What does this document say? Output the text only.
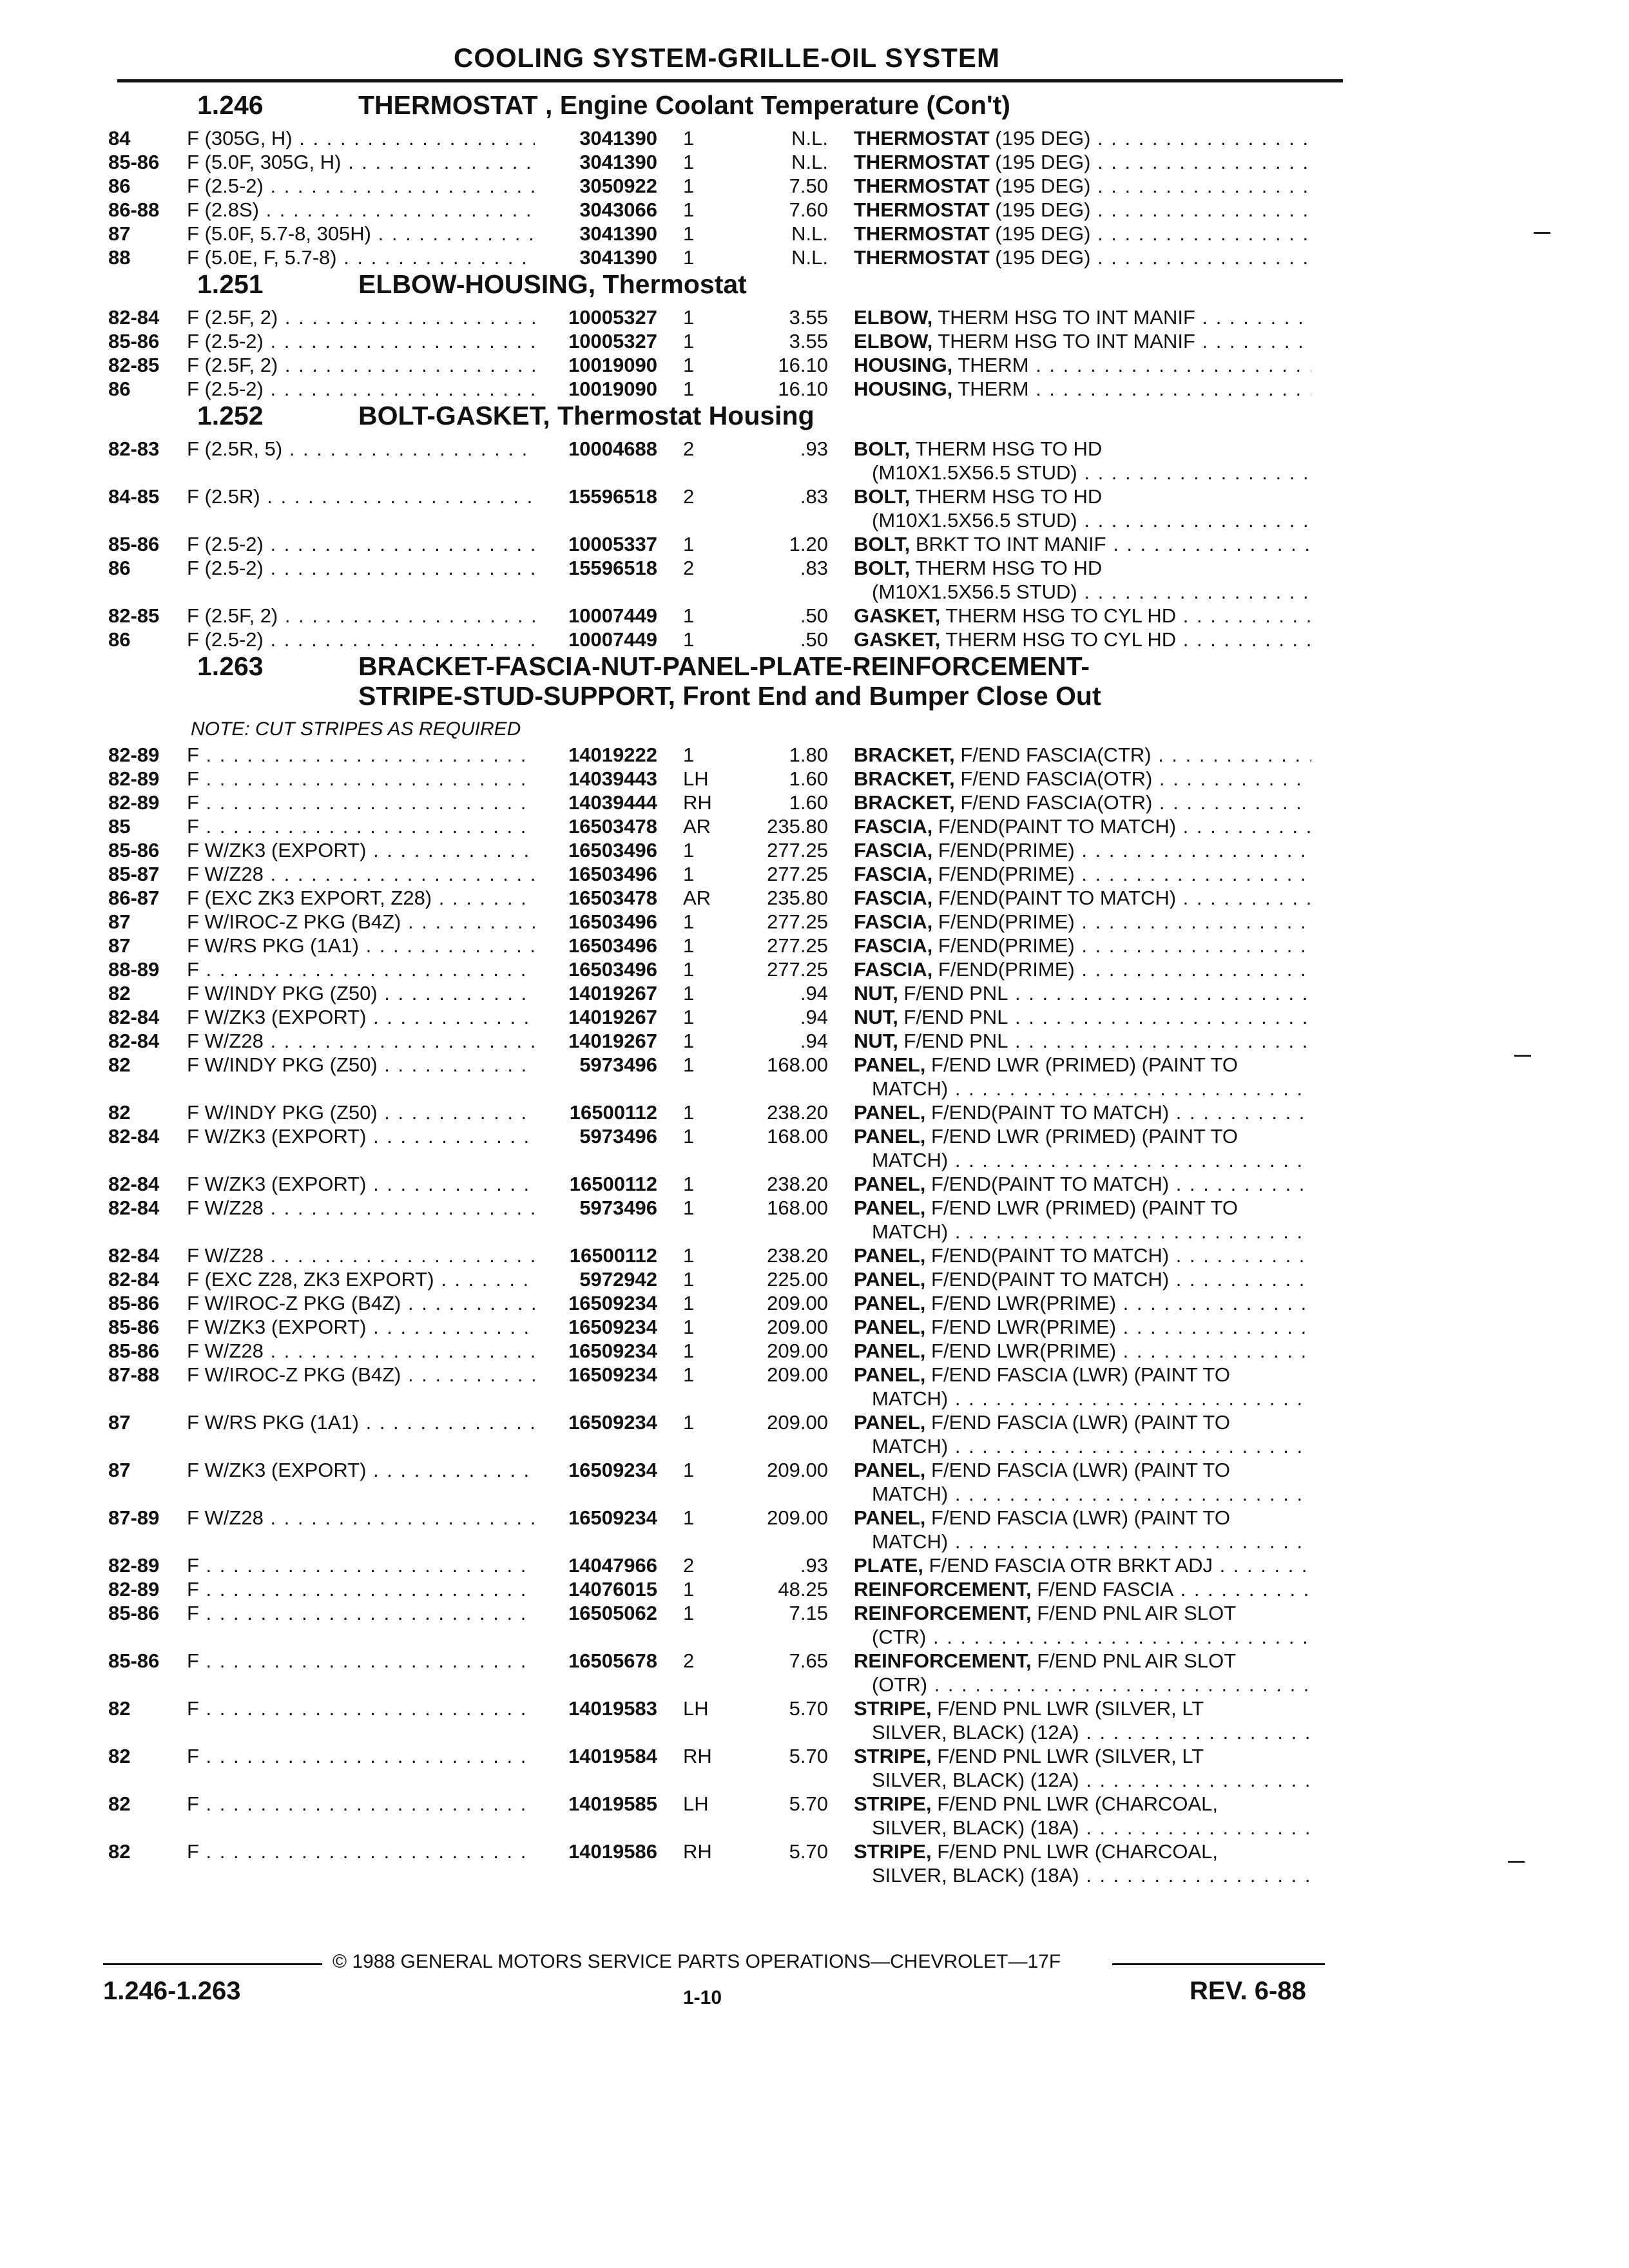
COOLING SYSTEM-GRILLE-OIL SYSTEM
1.246	THERMOSTAT , Engine Coolant Temperature (Con't)
84	F (305G, H) . . .	3041390	1	N.L.	THERMOSTAT (195 DEG) . . .
85-86	F (5.0F, 305G, H) . . .	3041390	1	N.L.	THERMOSTAT (195 DEG) . . .
86	F (2.5-2) . . .	3050922	1	7.50	THERMOSTAT (195 DEG) . . .
86-88	F (2.8S) . . .	3043066	1	7.60	THERMOSTAT (195 DEG) . . .
87	F (5.0F, 5.7-8, 305H) . . .	3041390	1	N.L.	THERMOSTAT (195 DEG) . . .
88	F (5.0E, F, 5.7-8) . . .	3041390	1	N.L.	THERMOSTAT (195 DEG) . . .
1.251	ELBOW-HOUSING, Thermostat
82-84	F (2.5F, 2) . . .	10005327	1	3.55	ELBOW, THERM HSG TO INT MANIF . . .
85-86	F (2.5-2) . . .	10005327	1	3.55	ELBOW, THERM HSG TO INT MANIF . . .
82-85	F (2.5F, 2) . . .	10019090	1	16.10	HOUSING, THERM . . .
86	F (2.5-2) . . .	10019090	1	16.10	HOUSING, THERM . . .
1.252	BOLT-GASKET, Thermostat Housing
82-83	F (2.5R, 5) . . .	10004688	2	.93	BOLT, THERM HSG TO HD
(M10X1.5X56.5 STUD) . . .
84-85	F (2.5R) . . .	15596518	2	.83	BOLT, THERM HSG TO HD
(M10X1.5X56.5 STUD) . . .
85-86	F (2.5-2) . . .	10005337	1	1.20	BOLT, BRKT TO INT MANIF . . .
86	F (2.5-2) . . .	15596518	2	.83	BOLT, THERM HSG TO HD
(M10X1.5X56.5 STUD) . . .
82-85	F (2.5F, 2) . . .	10007449	1	.50	GASKET, THERM HSG TO CYL HD . . .
86	F (2.5-2) . . .	10007449	1	.50	GASKET, THERM HSG TO CYL HD . . .
1.263	BRACKET-FASCIA-NUT-PANEL-PLATE-REINFORCEMENT-
STRIPE-STUD-SUPPORT, Front End and Bumper Close Out
NOTE: CUT STRIPES AS REQUIRED
82-89	F . . .	14019222	1	1.80	BRACKET, F/END FASCIA(CTR) . . .
82-89	F . . .	14039443	LH	1.60	BRACKET, F/END FASCIA(OTR) . . .
82-89	F . . .	14039444	RH	1.60	BRACKET, F/END FASCIA(OTR) . . .
85	F . . .	16503478	AR	235.80	FASCIA, F/END(PAINT TO MATCH) . . .
85-86	F W/ZK3 (EXPORT) . . .	16503496	1	277.25	FASCIA, F/END(PRIME) . . .
85-87	F W/Z28 . . .	16503496	1	277.25	FASCIA, F/END(PRIME) . . .
86-87	F (EXC ZK3 EXPORT, Z28) . . .	16503478	AR	235.80	FASCIA, F/END(PAINT TO MATCH) . . .
87	F W/IROC-Z PKG (B4Z) . . .	16503496	1	277.25	FASCIA, F/END(PRIME) . . .
87	F W/RS PKG (1A1) . . .	16503496	1	277.25	FASCIA, F/END(PRIME) . . .
88-89	F . . .	16503496	1	277.25	FASCIA, F/END(PRIME) . . .
82	F W/INDY PKG (Z50) . . .	14019267	1	.94	NUT, F/END PNL . . .
82-84	F W/ZK3 (EXPORT) . . .	14019267	1	.94	NUT, F/END PNL . . .
82-84	F W/Z28 . . .	14019267	1	.94	NUT, F/END PNL . . .
82	F W/INDY PKG (Z50) . . .	5973496	1	168.00	PANEL, F/END LWR (PRIMED) (PAINT TO
MATCH) . . .
82	F W/INDY PKG (Z50) . . .	16500112	1	238.20	PANEL, F/END(PAINT TO MATCH) . . .
82-84	F W/ZK3 (EXPORT) . . .	5973496	1	168.00	PANEL, F/END LWR (PRIMED) (PAINT TO
MATCH) . . .
82-84	F W/ZK3 (EXPORT) . . .	16500112	1	238.20	PANEL, F/END(PAINT TO MATCH) . . .
82-84	F W/Z28 . . .	5973496	1	168.00	PANEL, F/END LWR (PRIMED) (PAINT TO
MATCH) . . .
82-84	F W/Z28 . . .	16500112	1	238.20	PANEL, F/END(PAINT TO MATCH) . . .
82-84	F (EXC Z28, ZK3 EXPORT) . . .	5972942	1	225.00	PANEL, F/END(PAINT TO MATCH) . . .
85-86	F W/IROC-Z PKG (B4Z) . . .	16509234	1	209.00	PANEL, F/END LWR(PRIME) . . .
85-86	F W/ZK3 (EXPORT) . . .	16509234	1	209.00	PANEL, F/END LWR(PRIME) . . .
85-86	F W/Z28 . . .	16509234	1	209.00	PANEL, F/END LWR(PRIME) . . .
87-88	F W/IROC-Z PKG (B4Z) . . .	16509234	1	209.00	PANEL, F/END FASCIA (LWR) (PAINT TO
MATCH) . . .
87	F W/RS PKG (1A1) . . .	16509234	1	209.00	PANEL, F/END FASCIA (LWR) (PAINT TO
MATCH) . . .
87	F W/ZK3 (EXPORT) . . .	16509234	1	209.00	PANEL, F/END FASCIA (LWR) (PAINT TO
MATCH) . . .
87-89	F W/Z28 . . .	16509234	1	209.00	PANEL, F/END FASCIA (LWR) (PAINT TO
MATCH) . . .
82-89	F . . .	14047966	2	.93	PLATE, F/END FASCIA OTR BRKT ADJ . . .
82-89	F . . .	14076015	1	48.25	REINFORCEMENT, F/END FASCIA . . .
85-86	F . . .	16505062	1	7.15	REINFORCEMENT, F/END PNL AIR SLOT
(CTR) . . .
85-86	F . . .	16505678	2	7.65	REINFORCEMENT, F/END PNL AIR SLOT
(OTR) . . .
82	F . . .	14019583	LH	5.70	STRIPE, F/END PNL LWR (SILVER, LT
SILVER, BLACK) (12A) . . .
82	F . . .	14019584	RH	5.70	STRIPE, F/END PNL LWR (SILVER, LT
SILVER, BLACK) (12A) . . .
82	F . . .	14019585	LH	5.70	STRIPE, F/END PNL LWR (CHARCOAL,
SILVER, BLACK) (18A) . . .
82	F . . .	14019586	RH	5.70	STRIPE, F/END PNL LWR (CHARCOAL,
SILVER, BLACK) (18A) . . .
© 1988 GENERAL MOTORS SERVICE PARTS OPERATIONS—CHEVROLET—17F
1.246-1.263	1-10	REV. 6-88
